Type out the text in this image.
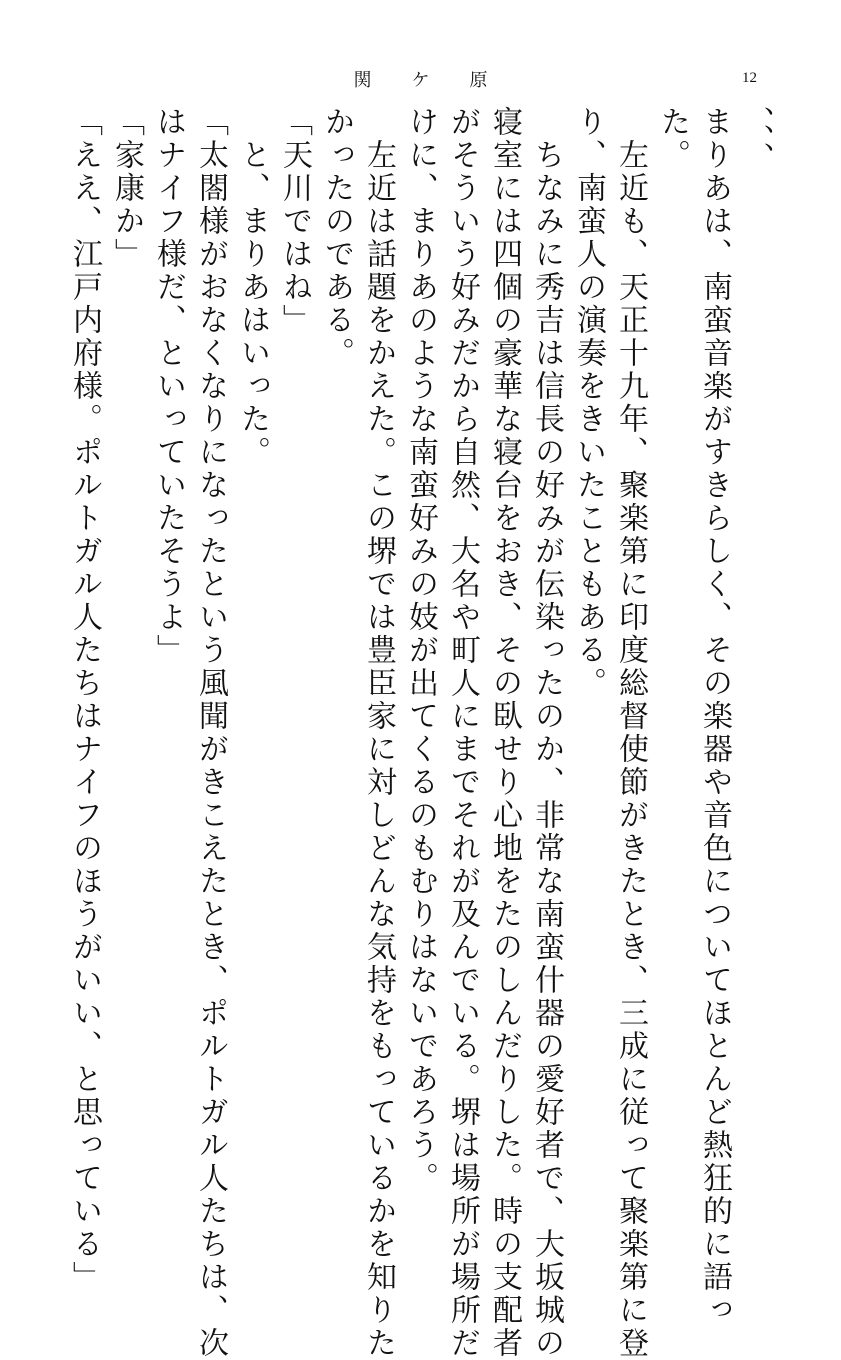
関ケ原	12
、、、
まりあは、南蛮音楽がすきらしく、その楽器や音色についてほとんど熱狂的に語っ
た。
　左近も、天正十九年、聚楽第に印度総督使節がきたとき、三成に従って聚楽第に登
り、南蛮人の演奏をきいたこともある。
　ちなみに秀吉は信長の好みが伝染ったのか、非常な南蛮什器の愛好者で、大坂城の
寝室には四個の豪華な寝台をおき、その臥せり心地をたのしんだりした。時の支配者
がそういう好みだから自然、大名や町人にまでそれが及んでいる。堺は場所が場所だ
けに、まりあのような南蛮好みの妓が出てくるのもむりはないであろう。
　左近は話題をかえた。この堺では豊臣家に対しどんな気持をもっているかを知りた
かったのである。
「天川ではね」
　と、まりあはいった。
「太閤様がおなくなりになったという風聞がきこえたとき、ポルトガル人たちは、次
はナイフ様だ、といっていたそうよ」
「家康か」
「ええ、江戸内府様。ポルトガル人たちはナイフのほうがいい、と思っている」
